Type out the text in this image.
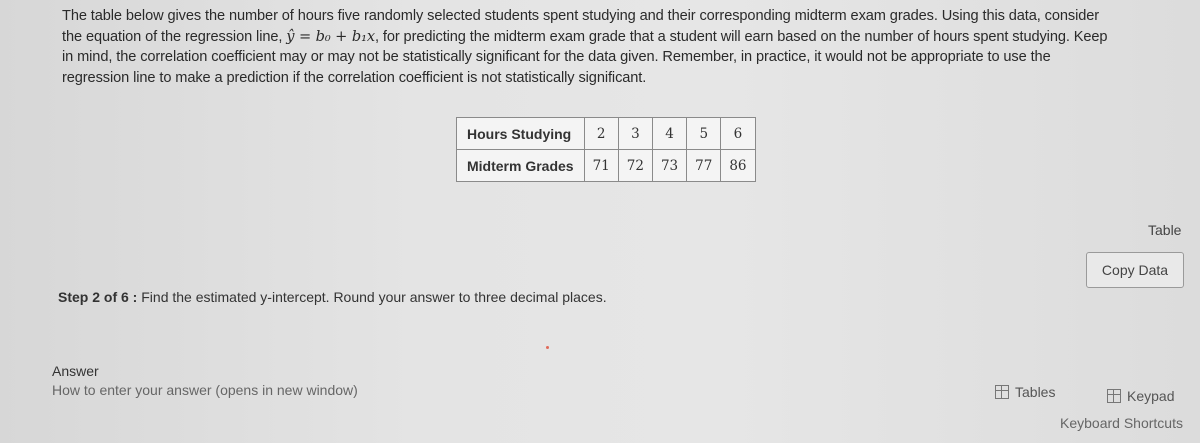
The table below gives the number of hours five randomly selected students spent studying and their corresponding midterm exam grades. Using this data, consider
the equation of the regression line, ŷ = b₀ + b₁x, for predicting the midterm exam grade that a student will earn based on the number of hours spent studying. Keep
in mind, the correlation coefficient may or may not be statistically significant for the data given. Remember, in practice, it would not be appropriate to use the
regression line to make a prediction if the correlation coefficient is not statistically significant.
Hours Studying	2	3	4	5	6
Midterm Grades	71	72	73	77	86
Table
Copy Data
Step 2 of 6 : Find the estimated y-intercept. Round your answer to three decimal places.
Answer
How to enter your answer (opens in new window)	Tables	Keypad
Keyboard Shortcuts
